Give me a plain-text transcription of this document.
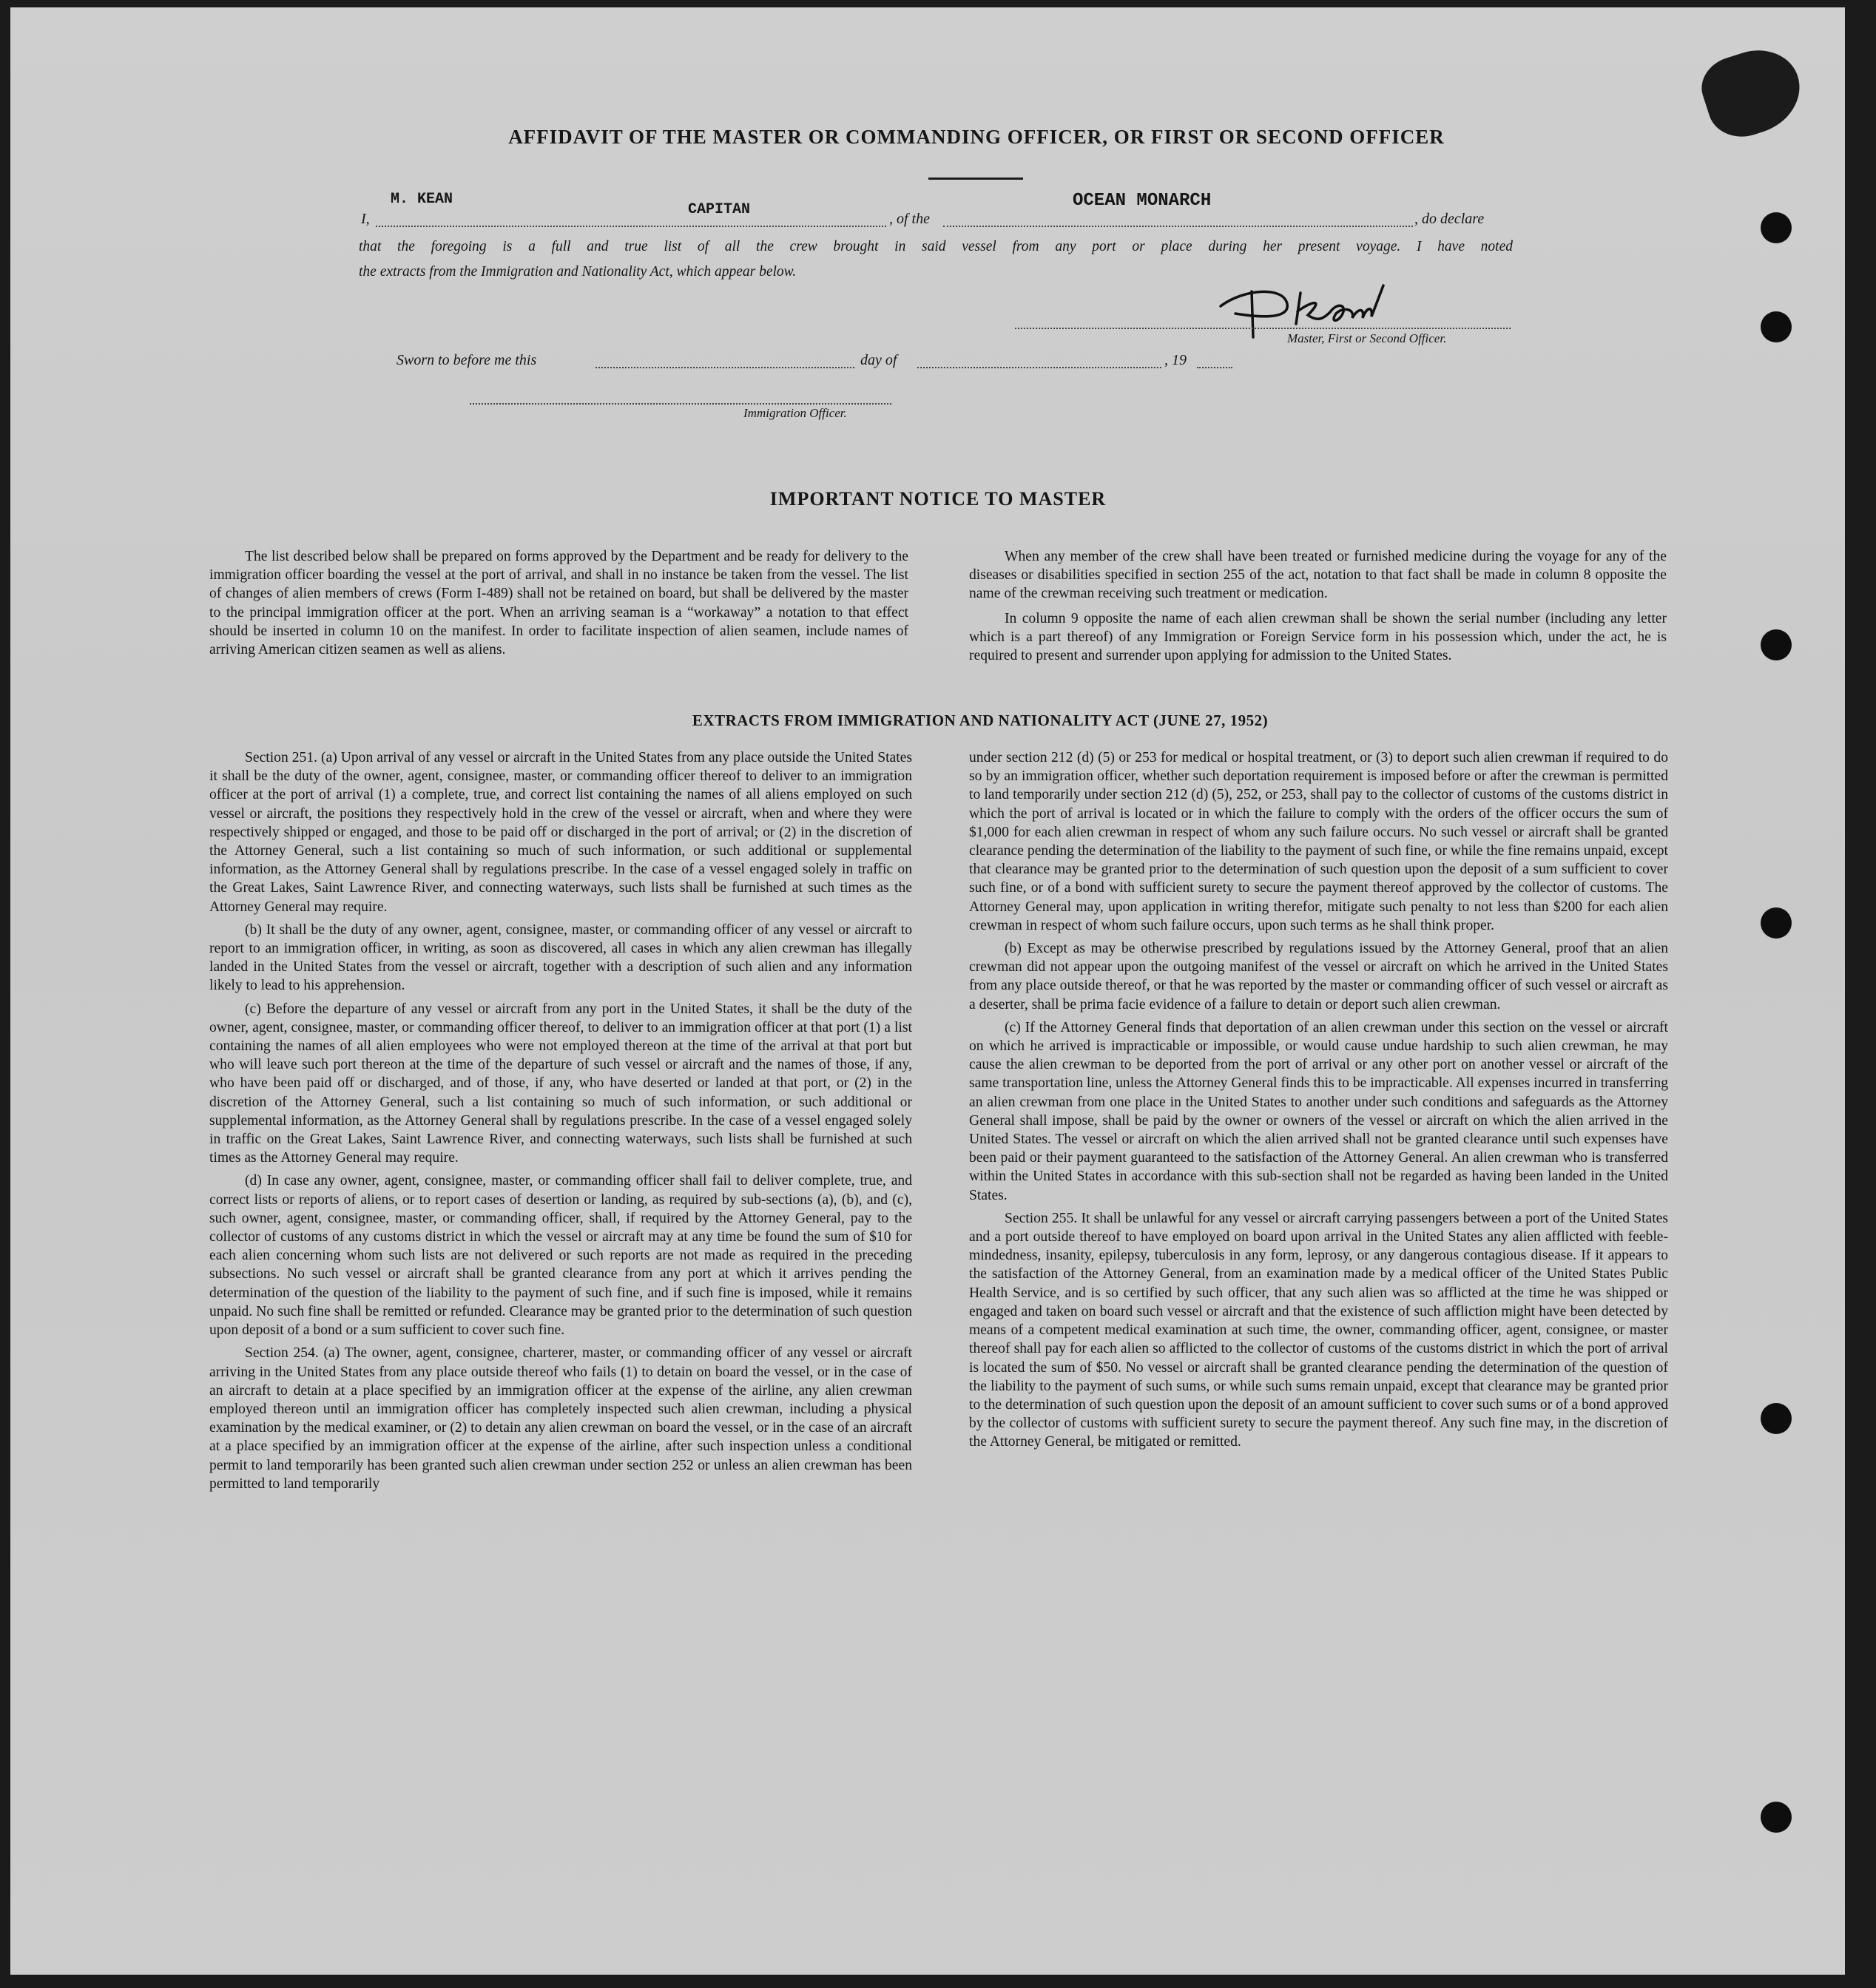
AFFIDAVIT OF THE MASTER OR COMMANDING OFFICER, OR FIRST OR SECOND OFFICER
I,
M. KEAN
CAPITAN
, of the
OCEAN MONARCH
, do declare
that the foregoing is a full and true list of all the crew brought in said vessel from any port or place during her present voyage. I have noted
the extracts from the Immigration and Nationality Act, which appear below.
Master, First or Second Officer.
Sworn to before me this	day of	, 19
Immigration Officer.
IMPORTANT NOTICE TO MASTER

The list described below shall be prepared on forms approved by the Department and be ready for delivery to the immigration officer boarding the vessel at the port of arrival, and shall in no instance be taken from the vessel. The list of changes of alien members of crews (Form I-489) shall not be retained on board, but shall be delivered by the master to the principal immigration officer at the port. When an arriving seaman is a “workaway” a notation to that effect should be inserted in column 10 on the manifest. In order to facilitate inspection of alien seamen, include names of arriving American citizen seamen as well as aliens.

When any member of the crew shall have been treated or furnished medicine during the voyage for any of the diseases or disabilities specified in section 255 of the act, notation to that fact shall be made in column 8 opposite the name of the crewman receiving such treatment or medication.

In column 9 opposite the name of each alien crewman shall be shown the serial number (including any letter which is a part thereof) of any Immigration or Foreign Service form in his possession which, under the act, he is required to present and surrender upon applying for admission to the United States.

EXTRACTS FROM IMMIGRATION AND NATIONALITY ACT (JUNE 27, 1952)

Section 251. (a) Upon arrival of any vessel or aircraft in the United States from any place outside the United States it shall be the duty of the owner, agent, consignee, master, or commanding officer thereof to deliver to an immigration officer at the port of arrival (1) a complete, true, and correct list containing the names of all aliens employed on such vessel or aircraft, the positions they respectively hold in the crew of the vessel or aircraft, when and where they were respectively shipped or engaged, and those to be paid off or discharged in the port of arrival; or (2) in the discretion of the Attorney General, such a list containing so much of such information, or such additional or supplemental information, as the Attorney General shall by regulations prescribe. In the case of a vessel engaged solely in traffic on the Great Lakes, Saint Lawrence River, and connecting waterways, such lists shall be furnished at such times as the Attorney General may require.

(b) It shall be the duty of any owner, agent, consignee, master, or commanding officer of any vessel or aircraft to report to an immigration officer, in writing, as soon as discovered, all cases in which any alien crewman has illegally landed in the United States from the vessel or aircraft, together with a description of such alien and any information likely to lead to his apprehension.

(c) Before the departure of any vessel or aircraft from any port in the United States, it shall be the duty of the owner, agent, consignee, master, or commanding officer thereof, to deliver to an immigration officer at that port (1) a list containing the names of all alien employees who were not employed thereon at the time of the arrival at that port but who will leave such port thereon at the time of the departure of such vessel or aircraft and the names of those, if any, who have been paid off or discharged, and of those, if any, who have deserted or landed at that port, or (2) in the discretion of the Attorney General, such a list containing so much of such information, or such additional or supplemental information, as the Attorney General shall by regulations prescribe. In the case of a vessel engaged solely in traffic on the Great Lakes, Saint Lawrence River, and connecting waterways, such lists shall be furnished at such times as the Attorney General may require.

(d) In case any owner, agent, consignee, master, or commanding officer shall fail to deliver complete, true, and correct lists or reports of aliens, or to report cases of desertion or landing, as required by sub-sections (a), (b), and (c), such owner, agent, consignee, master, or commanding officer, shall, if required by the Attorney General, pay to the collector of customs of any customs district in which the vessel or aircraft may at any time be found the sum of $10 for each alien concerning whom such lists are not delivered or such reports are not made as required in the preceding subsections. No such vessel or aircraft shall be granted clearance from any port at which it arrives pending the determination of the question of the liability to the payment of such fine, and if such fine is imposed, while it remains unpaid. No such fine shall be remitted or refunded. Clearance may be granted prior to the determination of such question upon deposit of a bond or a sum sufficient to cover such fine.

Section 254. (a) The owner, agent, consignee, charterer, master, or commanding officer of any vessel or aircraft arriving in the United States from any place outside thereof who fails (1) to detain on board the vessel, or in the case of an aircraft to detain at a place specified by an immigration officer at the expense of the airline, any alien crewman employed thereon until an immigration officer has completely inspected such alien crewman, including a physical examination by the medical examiner, or (2) to detain any alien crewman on board the vessel, or in the case of an aircraft at a place specified by an immigration officer at the expense of the airline, after such inspection unless a conditional permit to land temporarily has been granted such alien crewman under section 252 or unless an alien crewman has been permitted to land temporarily

under section 212 (d) (5) or 253 for medical or hospital treatment, or (3) to deport such alien crewman if required to do so by an immigration officer, whether such deportation requirement is imposed before or after the crewman is permitted to land temporarily under section 212 (d) (5), 252, or 253, shall pay to the collector of customs of the customs district in which the port of arrival is located or in which the failure to comply with the orders of the officer occurs the sum of $1,000 for each alien crewman in respect of whom any such failure occurs. No such vessel or aircraft shall be granted clearance pending the determination of the liability to the payment of such fine, or while the fine remains unpaid, except that clearance may be granted prior to the determination of such question upon the deposit of a sum sufficient to cover such fine, or of a bond with sufficient surety to secure the payment thereof approved by the collector of customs. The Attorney General may, upon application in writing therefor, mitigate such penalty to not less than $200 for each alien crewman in respect of whom such failure occurs, upon such terms as he shall think proper.

(b) Except as may be otherwise prescribed by regulations issued by the Attorney General, proof that an alien crewman did not appear upon the outgoing manifest of the vessel or aircraft on which he arrived in the United States from any place outside thereof, or that he was reported by the master or commanding officer of such vessel or aircraft as a deserter, shall be prima facie evidence of a failure to detain or deport such alien crewman.

(c) If the Attorney General finds that deportation of an alien crewman under this section on the vessel or aircraft on which he arrived is impracticable or impossible, or would cause undue hardship to such alien crewman, he may cause the alien crewman to be deported from the port of arrival or any other port on another vessel or aircraft of the same transportation line, unless the Attorney General finds this to be impracticable. All expenses incurred in transferring an alien crewman from one place in the United States to another under such conditions and safeguards as the Attorney General shall impose, shall be paid by the owner or owners of the vessel or aircraft on which the alien arrived in the United States. The vessel or aircraft on which the alien arrived shall not be granted clearance until such expenses have been paid or their payment guaranteed to the satisfaction of the Attorney General. An alien crewman who is transferred within the United States in accordance with this sub-section shall not be regarded as having been landed in the United States.

Section 255. It shall be unlawful for any vessel or aircraft carrying passengers between a port of the United States and a port outside thereof to have employed on board upon arrival in the United States any alien afflicted with feeble-mindedness, insanity, epilepsy, tuberculosis in any form, leprosy, or any dangerous contagious disease. If it appears to the satisfaction of the Attorney General, from an examination made by a medical officer of the United States Public Health Service, and is so certified by such officer, that any such alien was so afflicted at the time he was shipped or engaged and taken on board such vessel or aircraft and that the existence of such affliction might have been detected by means of a competent medical examination at such time, the owner, commanding officer, agent, consignee, or master thereof shall pay for each alien so afflicted to the collector of customs of the customs district in which the port of arrival is located the sum of $50. No vessel or aircraft shall be granted clearance pending the determination of the question of the liability to the payment of such sums, or while such sums remain unpaid, except that clearance may be granted prior to the determination of such question upon the deposit of an amount sufficient to cover such sums or of a bond approved by the collector of customs with sufficient surety to secure the payment thereof. Any such fine may, in the discretion of the Attorney General, be mitigated or remitted.
